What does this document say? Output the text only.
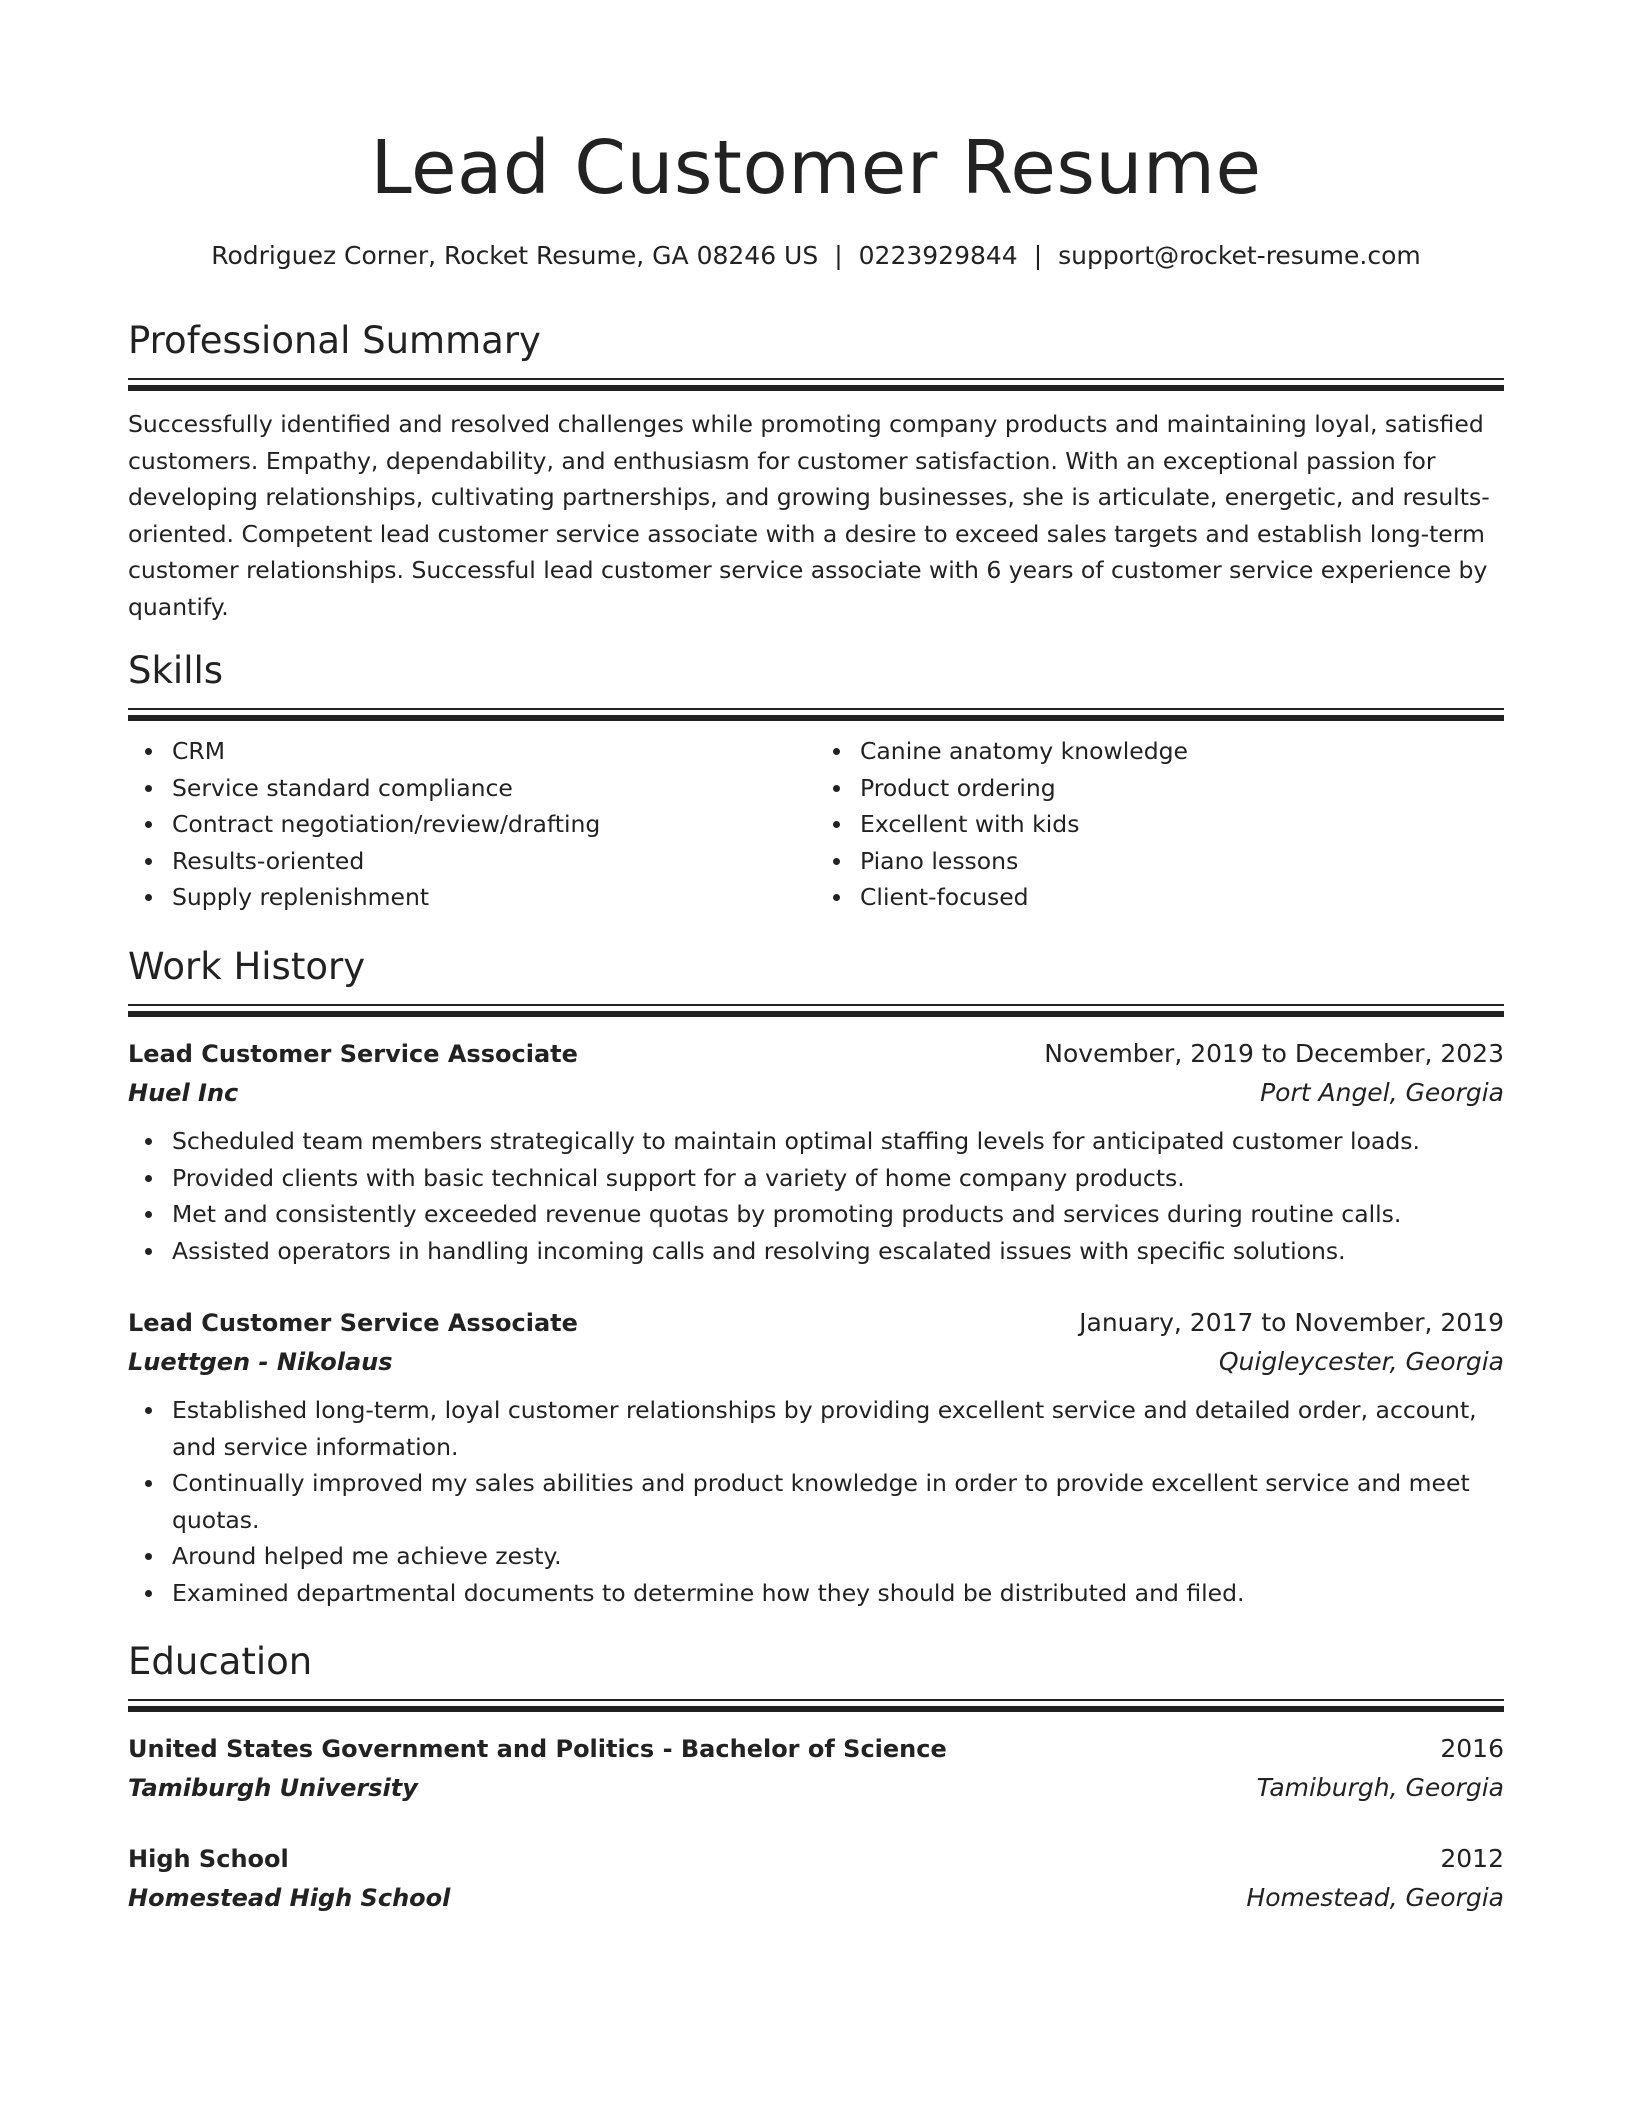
Lead Customer Resume
Rodriguez Corner, Rocket Resume, GA 08246 US | 0223929844 | support@rocket-resume.com
Professional Summary

Successfully identified and resolved challenges while promoting company products and maintaining loyal, satisfied customers. Empathy, dependability, and enthusiasm for customer satisfaction. With an exceptional passion for developing relationships, cultivating partnerships, and growing businesses, she is articulate, energetic, and results-oriented. Competent lead customer service associate with a desire to exceed sales targets and establish long-term customer relationships. Successful lead customer service associate with 6 years of customer service experience by quantify.

Skills
CRM
Service standard compliance
Contract negotiation/review/drafting
Results-oriented
Supply replenishment
Canine anatomy knowledge
Product ordering
Excellent with kids
Piano lessons
Client-focused
Work History
Lead Customer Service Associate	November, 2019 to December, 2023
Huel Inc	Port Angel, Georgia
Scheduled team members strategically to maintain optimal staffing levels for anticipated customer loads.
Provided clients with basic technical support for a variety of home company products.
Met and consistently exceeded revenue quotas by promoting products and services during routine calls.
Assisted operators in handling incoming calls and resolving escalated issues with specific solutions.
Lead Customer Service Associate	January, 2017 to November, 2019
Luettgen - Nikolaus	Quigleycester, Georgia
Established long-term, loyal customer relationships by providing excellent service and detailed order, account, and service information.
Continually improved my sales abilities and product knowledge in order to provide excellent service and meet quotas.
Around helped me achieve zesty.
Examined departmental documents to determine how they should be distributed and filed.
Education
United States Government and Politics - Bachelor of Science	2016
Tamiburgh University	Tamiburgh, Georgia
High School	2012
Homestead High School	Homestead, Georgia
